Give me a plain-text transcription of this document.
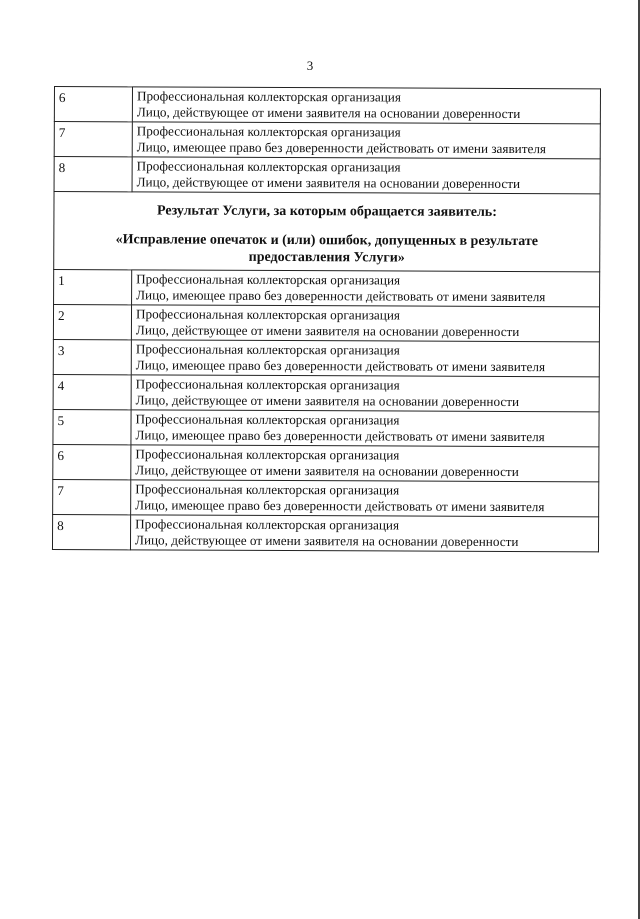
3
6	Профессиональная коллекторская организация
Лицо, действующее от имени заявителя на основании доверенности

7	Профессиональная коллекторская организация
Лицо, имеющее право без доверенности действовать от имени заявителя

8	Профессиональная коллекторская организация
Лицо, действующее от имени заявителя на основании доверенности

Результат Услуги, за которым обращается заявитель:
«Исправление опечаток и (или) ошибок, допущенных в результате предоставления Услуги»	

1	Профессиональная коллекторская организация
Лицо, имеющее право без доверенности действовать от имени заявителя

2	Профессиональная коллекторская организация
Лицо, действующее от имени заявителя на основании доверенности

3	Профессиональная коллекторская организация
Лицо, имеющее право без доверенности действовать от имени заявителя

4	Профессиональная коллекторская организация
Лицо, действующее от имени заявителя на основании доверенности

5	Профессиональная коллекторская организация
Лицо, имеющее право без доверенности действовать от имени заявителя

6	Профессиональная коллекторская организация
Лицо, действующее от имени заявителя на основании доверенности

7	Профессиональная коллекторская организация
Лицо, имеющее право без доверенности действовать от имени заявителя

8	Профессиональная коллекторская организация
Лицо, действующее от имени заявителя на основании доверенности
